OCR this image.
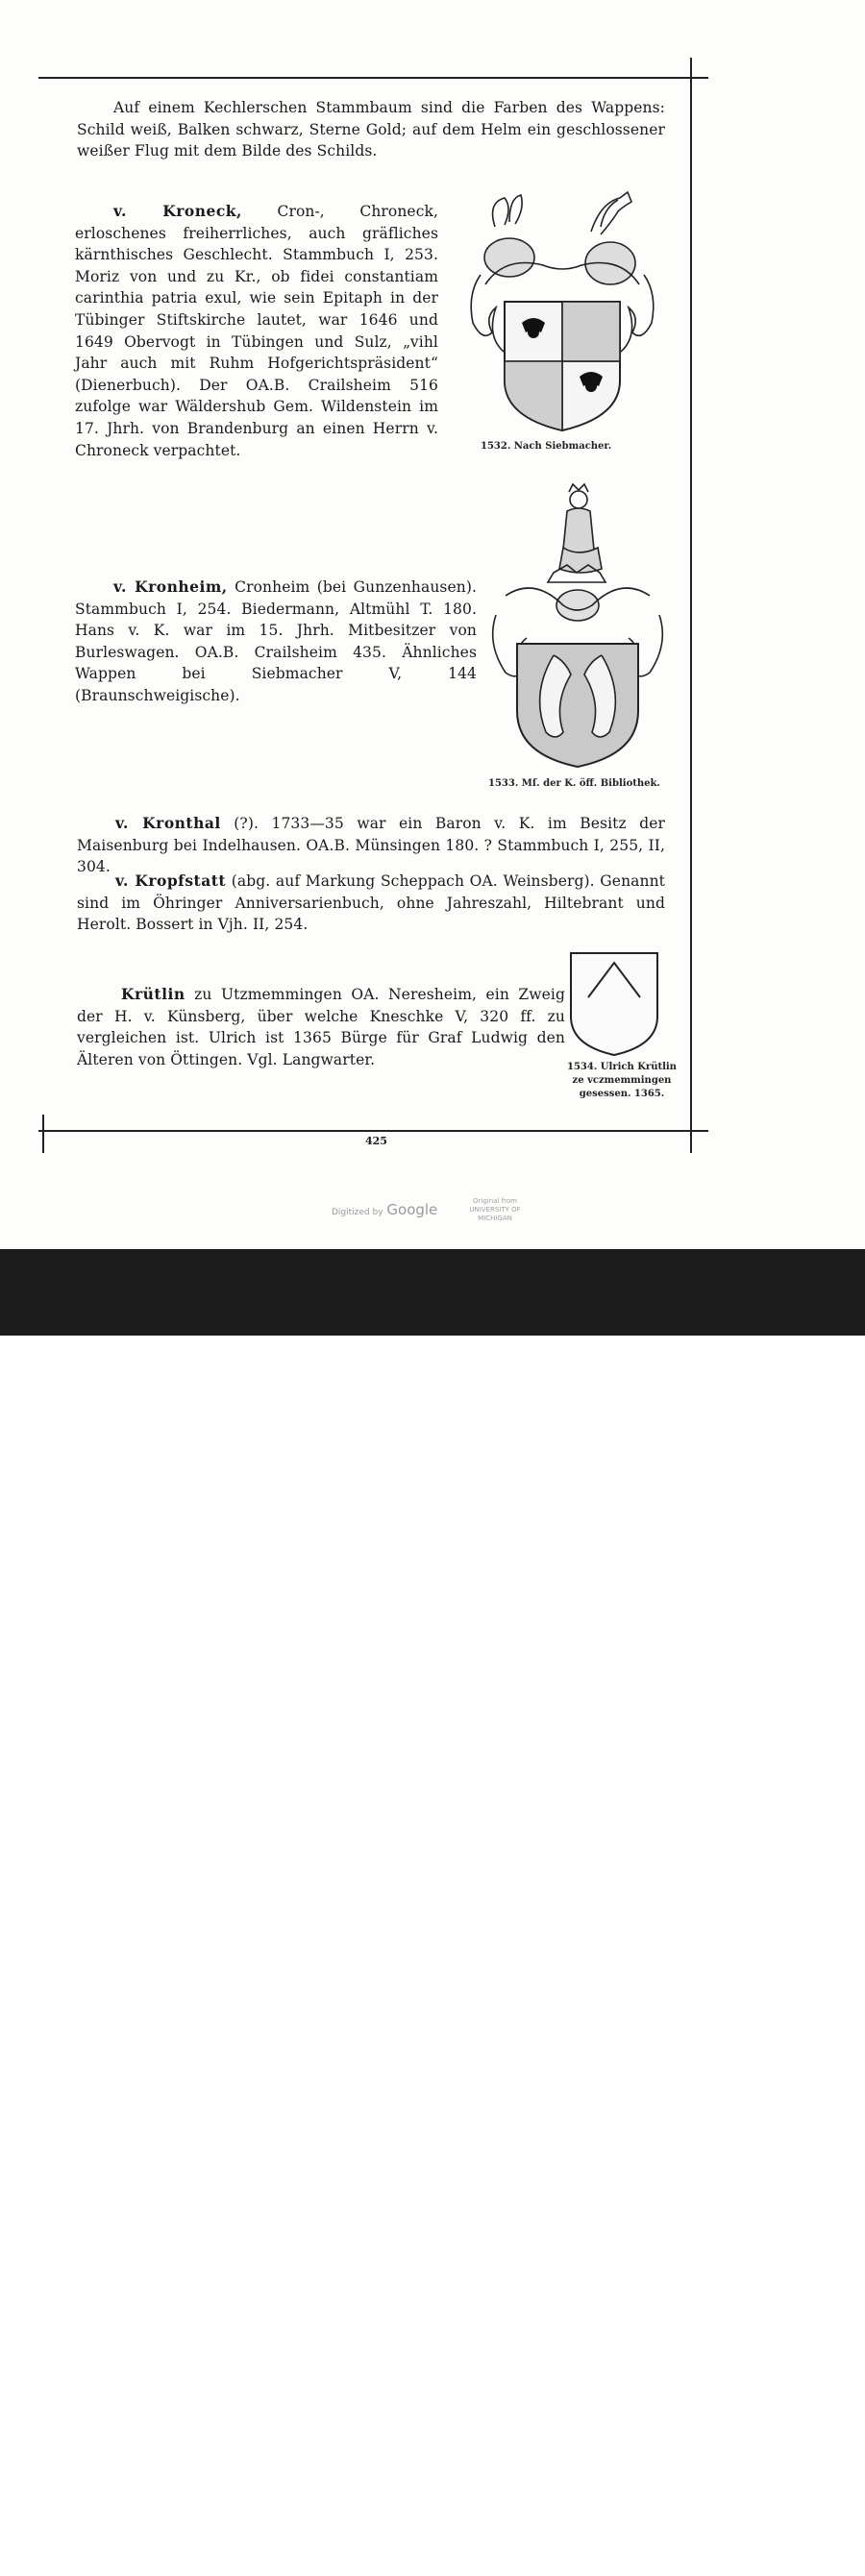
Auf einem Kechlerschen Stammbaum sind die Farben des Wappens: Schild weiß, Balken schwarz, Sterne Gold; auf dem Helm ein geschlossener weißer Flug mit dem Bilde des Schilds.
v. Kroneck, Cron-, Chroneck, erloschenes freiherrliches, auch gräfliches kärnthisches Geschlecht. Stammbuch I, 253. Moriz von und zu Kr., ob fidei constantiam carinthia patria exul, wie sein Epitaph in der Tübinger Stiftskirche lautet, war 1646 und 1649 Obervogt in Tübingen und Sulz, „vihl Jahr auch mit Ruhm Hofgerichtspräsident“ (Dienerbuch). Der OA.B. Crailsheim 516 zufolge war Wäldershub Gem. Wildenstein im 17. Jhrh. von Brandenburg an einen Herrn v. Chroneck verpachtet.	1532. Nach Siebmacher.
v. Kronheim, Cronheim (bei Gunzenhausen). Stammbuch I, 254. Biedermann, Altmühl T. 180. Hans v. K. war im 15. Jhrh. Mitbesitzer von Burleswagen. OA.B. Crailsheim 435. Ähnliches Wappen bei Siebmacher V, 144 (Braunschweigische).
1533. Mſ. der K. öff. Bibliothek.
v. Kronthal (?). 1733—35 war ein Baron v. K. im Besitz der Maisenburg bei Indelhausen. OA.B. Münsingen 180. ? Stammbuch I, 255, II, 304.
v. Kropfstatt (abg. auf Markung Scheppach OA. Weinsberg). Genannt sind im Öhringer Anniversarienbuch, ohne Jahreszahl, Hiltebrant und Herolt. Bossert in Vjh. II, 254.
Krütlin zu Utzmemmingen OA. Neresheim, ein Zweig der H. v. Künsberg, über welche Kneschke V, 320 ff. zu vergleichen ist. Ulrich ist 1365 Bürge für Graf Ludwig den Älteren von Öttingen. Vgl. Langwarter.	1534. Ulrich Krütlin ze vczmemmingen gesessen. 1365.
425
Digitized by Google	Original from
UNIVERSITY OF MICHIGAN
alamy	PCHANH
www.alamy.com
